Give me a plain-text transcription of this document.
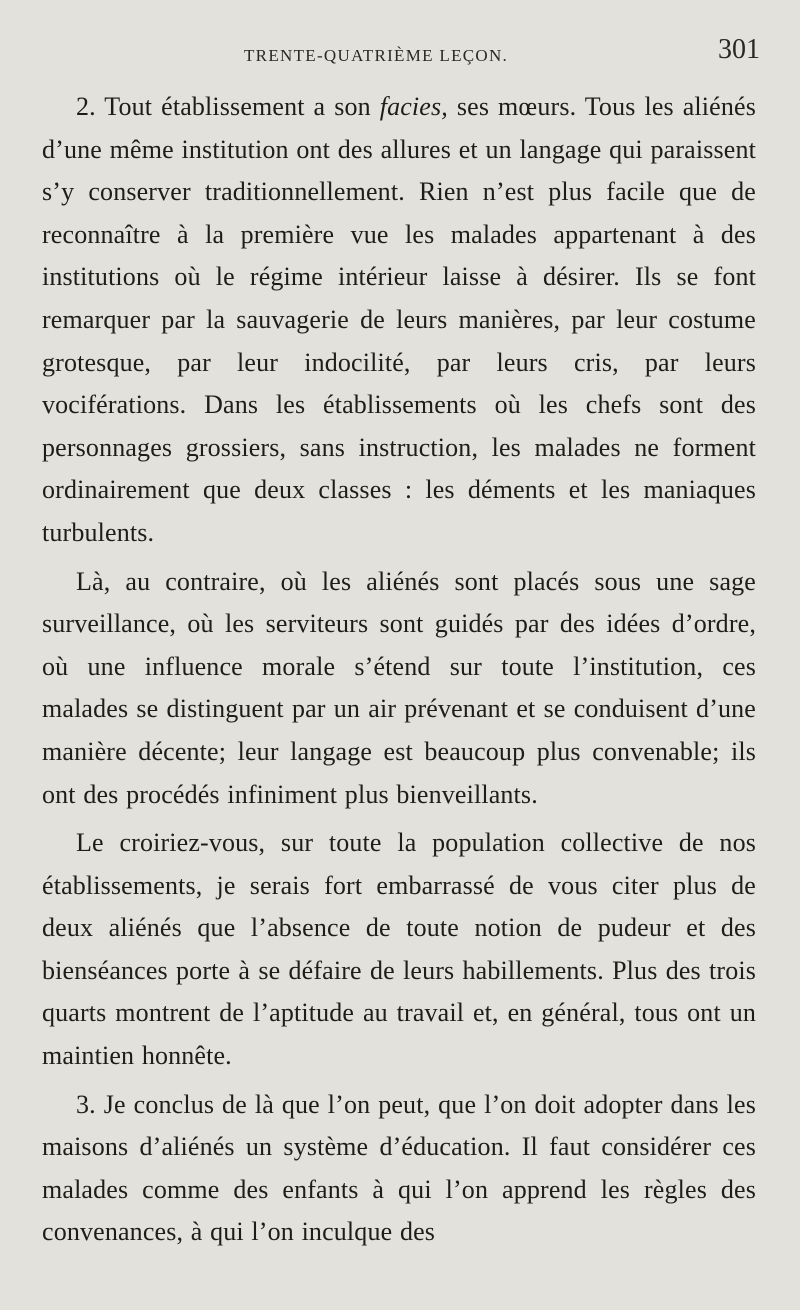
TRENTE-QUATRIÈME LEÇON.	301

2. Tout établissement a son facies, ses mœurs. Tous les aliénés d’une même institution ont des allures et un langage qui paraissent s’y conserver traditionnellement. Rien n’est plus facile que de reconnaître à la première vue les malades appartenant à des institutions où le régime intérieur laisse à désirer. Ils se font remarquer par la sauvagerie de leurs manières, par leur costume grotesque, par leur indocilité, par leurs cris, par leurs vociférations. Dans les établissements où les chefs sont des personnages grossiers, sans instruction, les malades ne forment ordinairement que deux classes : les déments et les maniaques turbulents.

Là, au contraire, où les aliénés sont placés sous une sage surveillance, où les serviteurs sont guidés par des idées d’ordre, où une influence morale s’étend sur toute l’institution, ces malades se distinguent par un air prévenant et se conduisent d’une manière décente; leur langage est beaucoup plus convenable; ils ont des procédés infiniment plus bienveillants.

Le croiriez-vous, sur toute la population collective de nos établissements, je serais fort embarrassé de vous citer plus de deux aliénés que l’absence de toute notion de pudeur et des bienséances porte à se défaire de leurs habillements. Plus des trois quarts montrent de l’aptitude au travail et, en général, tous ont un maintien honnête.

3. Je conclus de là que l’on peut, que l’on doit adopter dans les maisons d’aliénés un système d’éducation. Il faut considérer ces malades comme des enfants à qui l’on apprend les règles des convenances, à qui l’on inculque des
